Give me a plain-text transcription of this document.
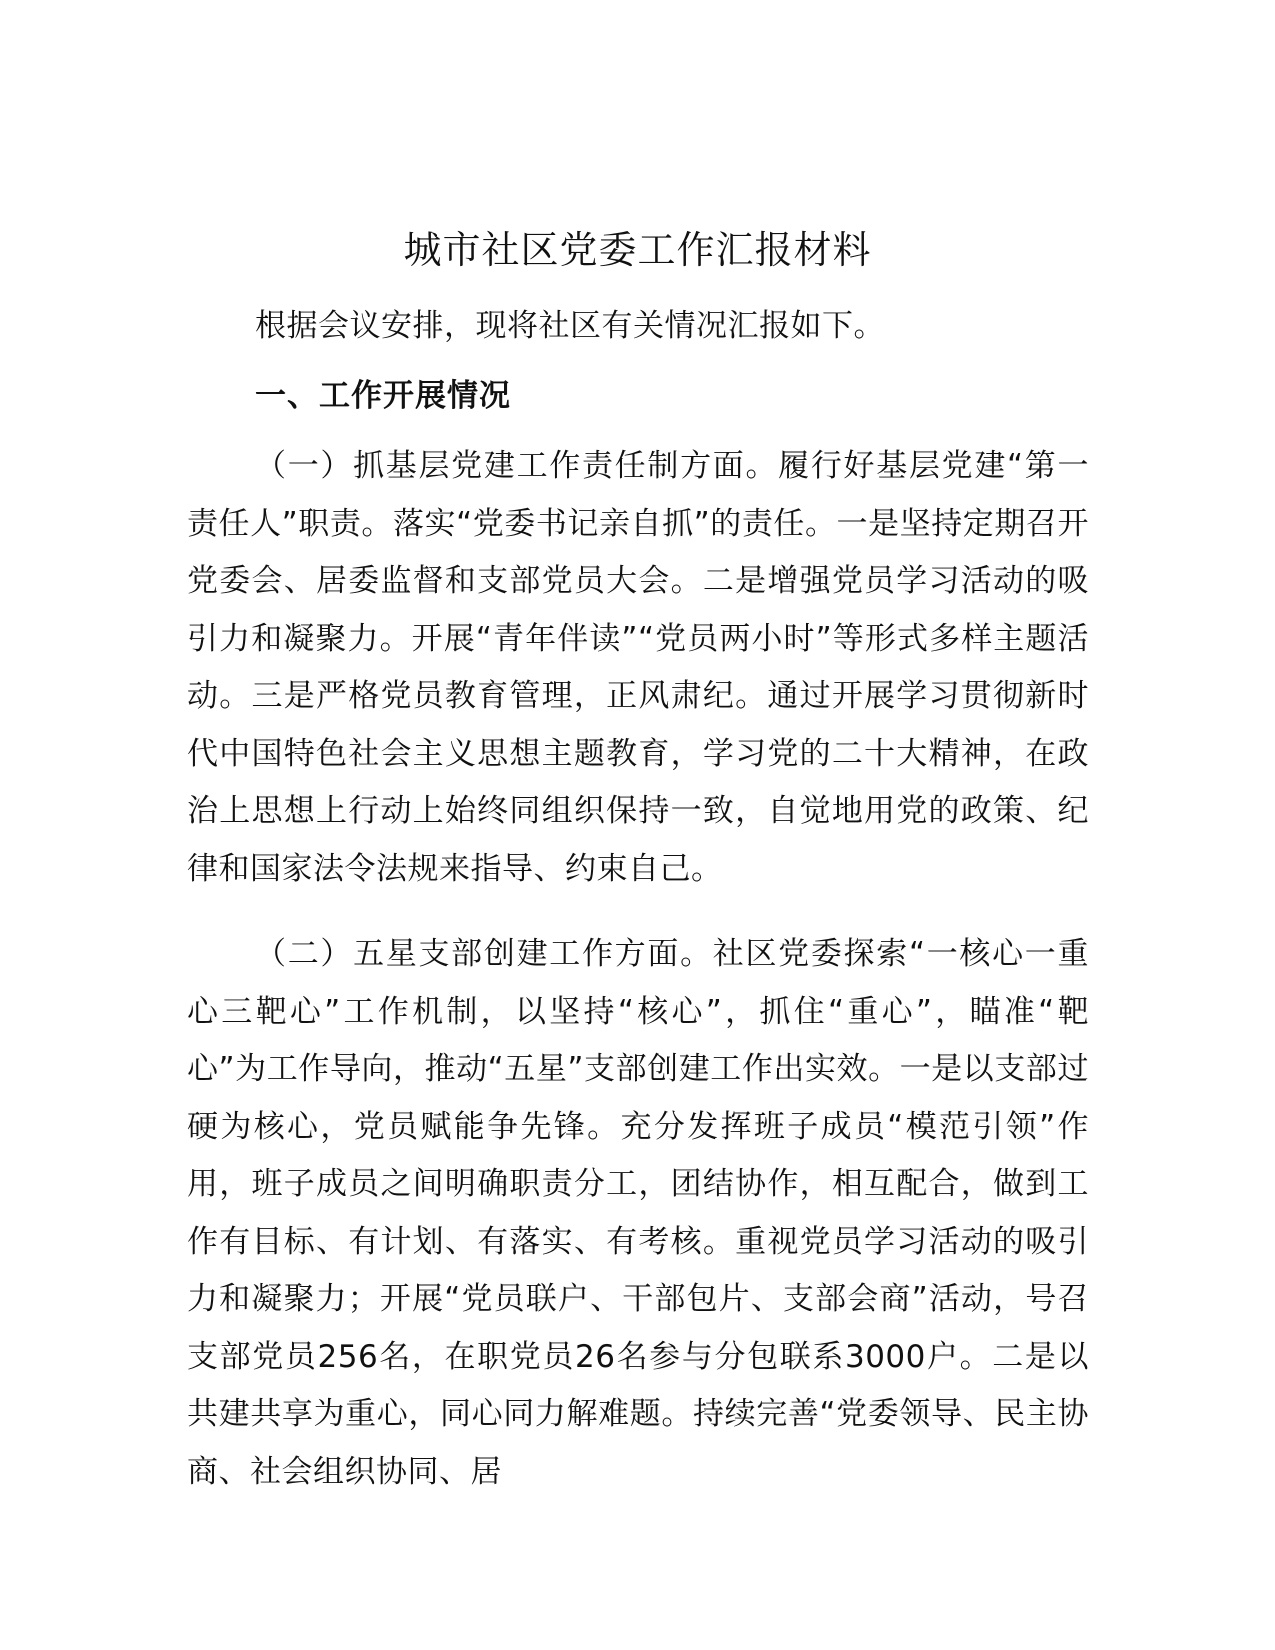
城市社区党委工作汇报材料

根据会议安排，现将社区有关情况汇报如下。

一、工作开展情况

（一）抓基层党建工作责任制方面。履行好基层党建“第一责任人”职责。落实“党委书记亲自抓”的责任。一是坚持定期召开党委会、居委监督和支部党员大会。二是增强党员学习活动的吸引力和凝聚力。开展“青年伴读”“党员两小时”等形式多样主题活动。三是严格党员教育管理，正风肃纪。通过开展学习贯彻新时代中国特色社会主义思想主题教育，学习党的二十大精神，在政治上思想上行动上始终同组织保持一致，自觉地用党的政策、纪律和国家法令法规来指导、约束自己。

（二）五星支部创建工作方面。社区党委探索“一核心一重心三靶心”工作机制，以坚持“核心”，抓住“重心”，瞄准“靶心”为工作导向，推动“五星”支部创建工作出实效。一是以支部过硬为核心，党员赋能争先锋。充分发挥班子成员“模范引领”作用，班子成员之间明确职责分工，团结协作，相互配合，做到工作有目标、有计划、有落实、有考核。重视党员学习活动的吸引力和凝聚力；开展“党员联户、干部包片、支部会商”活动，号召支部党员256名，在职党员26名参与分包联系3000户。二是以共建共享为重心，同心同力解难题。持续完善“党委领导、民主协商、社会组织协同、居
